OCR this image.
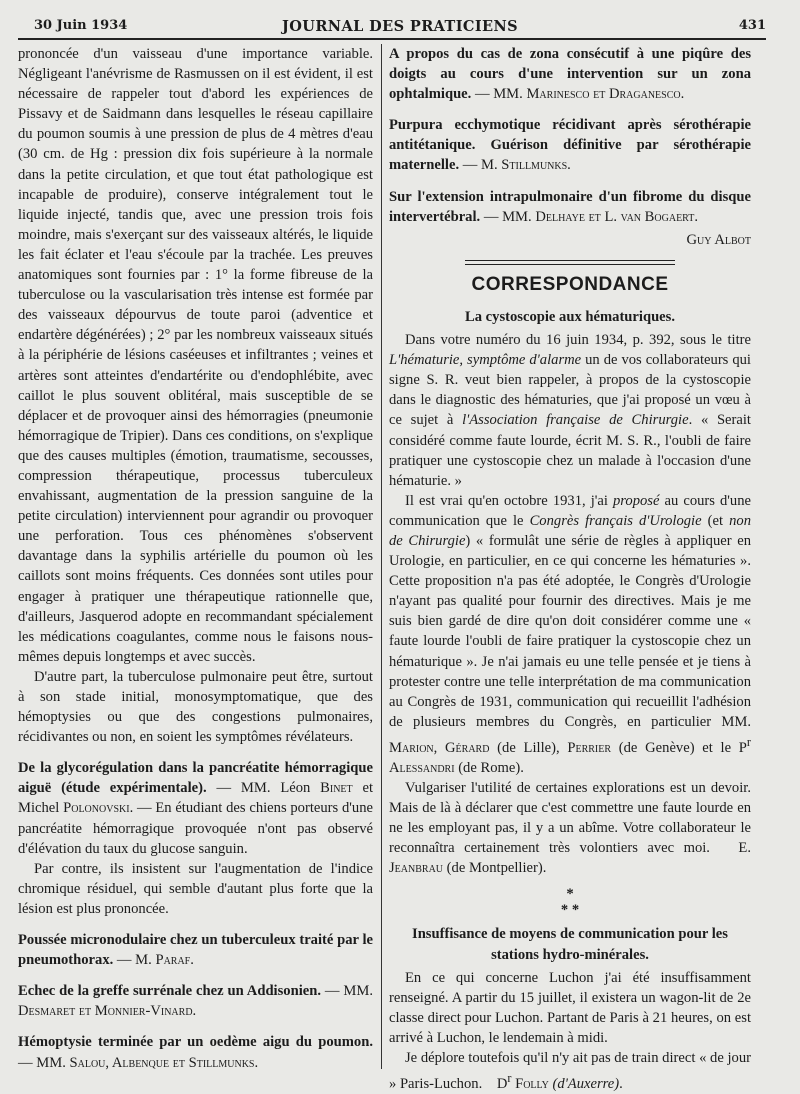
30 Juin 1934	JOURNAL DES PRATICIENS	431

prononcée d'un vaisseau d'une importance variable. Négligeant l'anévrisme de Rasmussen on il est évident, il est nécessaire de rappeler tout d'abord les expériences de Pissavy et de Saidmann dans lesquelles le réseau capillaire du poumon soumis à une pression de plus de 4 mètres d'eau (30 cm. de Hg : pression dix fois supérieure à la normale dans la petite circulation, et que tout état pathologique est incapable de produire), conserve intégralement tout le liquide injecté, tandis que, avec une pression trois fois moindre, mais s'exerçant sur des vaisseaux altérés, le liquide les fait éclater et l'eau s'écoule par la trachée. Les preuves anatomiques sont fournies par : 1° la forme fibreuse de la tuberculose ou la vascularisation très intense est formée par des vaisseaux dépourvus de toute paroi (adventice et endartère dégénérées) ; 2° par les nombreux vaisseaux situés à la périphérie de lésions caséeuses et infiltrantes ; veines et artères sont atteintes d'endartérite ou d'endophlébite, avec caillot le plus souvent oblitéral, mais susceptible de se déplacer et de provoquer ainsi des hémorragies (pneumonie hémorragique de Tripier). Dans ces conditions, on s'explique que des causes multiples (émotion, traumatisme, secousses, compression thérapeutique, processus tuberculeux envahissant, augmentation de la pression sanguine de la petite circulation) interviennent pour agrandir ou provoquer une perforation. Tous ces phénomènes s'observent davantage dans la syphilis artérielle du poumon où les caillots sont moins fréquents. Ces données sont utiles pour engager à pratiquer une thérapeutique rationnelle que, d'ailleurs, Jasquerod adopte en recommandant spécialement les médications coagulantes, comme nous le faisons nous-mêmes depuis longtemps et avec succès.

D'autre part, la tuberculose pulmonaire peut être, surtout à son stade initial, monosymptomatique, que des hémoptysies ou que des congestions pulmonaires, récidivantes ou non, en soient les symptômes révélateurs.

De la glycorégulation dans la pancréatite hémorragique aiguë (étude expérimentale). — MM. Léon Binet et Michel Polonovski. — En étudiant des chiens porteurs d'une pancréatite hémorragique provoquée n'ont pas observé d'élévation du taux du glucose sanguin.

Par contre, ils insistent sur l'augmentation de l'indice chromique résiduel, qui semble d'autant plus forte que la lésion est plus prononcée.

Poussée micronodulaire chez un tuberculeux traité par le pneumothorax. — M. Paraf.

Echec de la greffe surrénale chez un Addisonien. — MM. Desmaret et Monnier-Vinard.

Hémoptysie terminée par un oedème aigu du poumon. — MM. Salou, Albenque et Stillmunks.

A propos du cas de zona consécutif à une piqûre des doigts au cours d'une intervention sur un zona ophtalmique. — MM. Marinesco et Draganesco.

Purpura ecchymotique récidivant après sérothérapie antitétanique. Guérison définitive par sérothérapie maternelle. — M. Stillmunks.

Sur l'extension intrapulmonaire d'un fibrome du disque intervertébral. — MM. Delhaye et L. van Bogaert.

Guy Albot

CORRESPONDANCE
La cystoscopie aux hématuriques.

Dans votre numéro du 16 juin 1934, p. 392, sous le titre L'hématurie, symptôme d'alarme un de vos collaborateurs qui signe S. R. veut bien rappeler, à propos de la cystoscopie dans le diagnostic des hématuries, que j'ai proposé un vœu à ce sujet à l'Association française de Chirurgie. « Serait considéré comme faute lourde, écrit M. S. R., l'oubli de faire pratiquer une cystoscopie chez un malade à l'occasion d'une hématurie. »

Il est vrai qu'en octobre 1931, j'ai proposé au cours d'une communication que le Congrès français d'Urologie (et non de Chirurgie) « formulât une série de règles à appliquer en Urologie, en particulier, en ce qui concerne les hématuries ». Cette proposition n'a pas été adoptée, le Congrès d'Urologie n'ayant pas qualité pour fournir des directives. Mais je me suis bien gardé de dire qu'on doit considérer comme une « faute lourde l'oubli de faire pratiquer la cystoscopie chez un hématurique ». Je n'ai jamais eu une telle pensée et je tiens à protester contre une telle interprétation de ma communication au Congrès de 1931, communication qui recueillit l'adhésion de plusieurs membres du Congrès, en particulier MM. Marion, Gérard (de Lille), Perrier (de Genève) et le $P^r$ Alessandri (de Rome).

Vulgariser l'utilité de certaines explorations est un devoir. Mais de là à déclarer que c'est commettre une faute lourde en ne les employant pas, il y a un abîme. Votre collaborateur le reconnaîtra certainement très volontiers avec moi. E. Jeanbrau (de Montpellier).

*
* *
Insuffisance de moyens de communication pour les stations hydro-minérales.

En ce qui concerne Luchon j'ai été insuffisamment renseigné. A partir du 15 juillet, il existera un wagon-lit de 2e classe direct pour Luchon. Partant de Paris à 21 heures, on est arrivé à Luchon, le lendemain à midi.

Je déplore toutefois qu'il n'y ait pas de train direct « de jour » Paris-Luchon. $D^r$ Folly (d'Auxerre).
